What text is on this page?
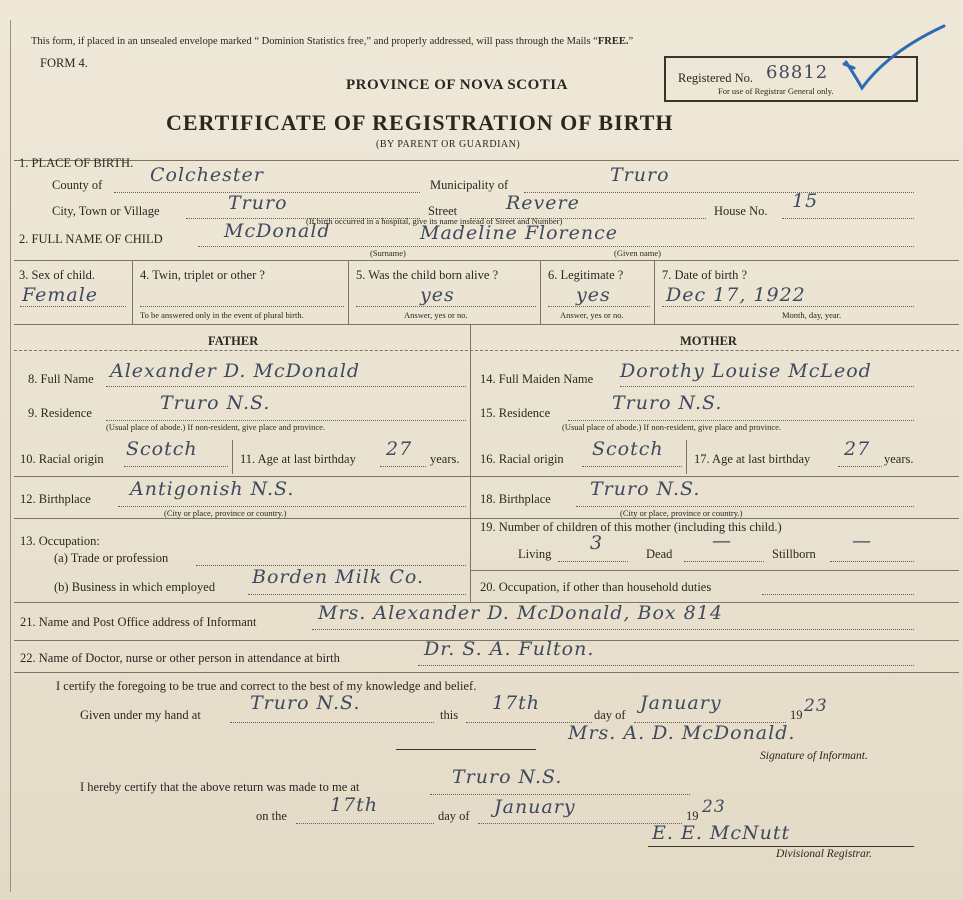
This form, if placed in an unsealed envelope marked “ Dominion Statistics free,” and properly addressed, will pass through the Mails “FREE.”
FORM 4.
PROVINCE OF NOVA SCOTIA
CERTIFICATE OF REGISTRATION OF BIRTH
(BY PARENT OR GUARDIAN)
Registered No. 68812
For use of Registrar General only.
1. PLACE OF BIRTH.
County of	Colchester	Municipality of	Truro
City, Town or Village	Truro	Street	Revere	House No. 15
(If birth occurred in a hospital, give its name instead of Street and Number)
2. FULL NAME OF CHILD	McDonald	Madeline Florence
(Surname)	(Given name)
3. Sex of child.
Female
4. Twin, triplet or other ?
To be answered only in the event of plural birth.
5. Was the child born alive ?
yes
Answer, yes or no.
6. Legitimate ?
yes
Answer, yes or no.
7. Date of birth ?
Dec 17, 1922
Month, day, year.
FATHER	MOTHER
8. Full Name Alexander D. McDonald
9. Residence	Truro N.S.
(Usual place of abode.) If non-resident, give place and province.
10. Racial origin Scotch	11. Age at last birthday 27 years.
12. Birthplace Antigonish N.S.
(City or place, province or country.)
13. Occupation:
(a) Trade or profession
(b) Business in which employed Borden Milk Co.
14. Full Maiden Name Dorothy Louise McLeod
15. Residence	Truro N.S.
(Usual place of abode.) If non-resident, give place and province.
16. Racial origin Scotch 17. Age at last birthday 27 years.
18. Birthplace Truro N.S.
(City or place, province or country.)
19. Number of children of this mother (including this child.)
Living 3	Dead
—
Stillborn
—
20. Occupation, if other than household duties
21. Name and Post Office address of Informant	Mrs. Alexander D. McDonald, Box 814
22. Name of Doctor, nurse or other person in attendance at birth	Dr. S. A. Fulton.
I certify the foregoing to be true and correct to the best of my knowledge and belief.
Given under my hand at
Truro N.S.
this
17th
day of
January
19 23
Mrs. A. D. McDonald.
Signature of Informant.
I hereby certify that the above return was made to me at	Truro N.S.
on the 17th	day of January	19 23
E. E. McNutt
Divisional Registrar.
